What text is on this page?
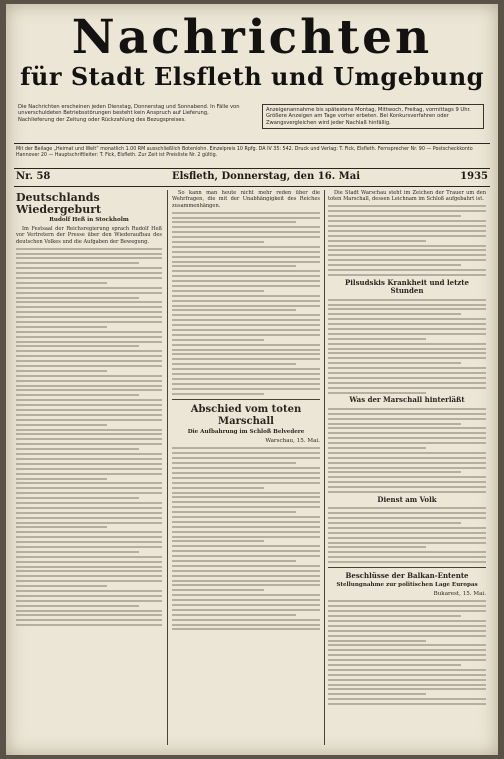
Nachrichten
für Stadt Elsfleth und Umgebung
Die Nachrichten erscheinen jeden Dienstag, Donnerstag und Sonnabend. In Fälle von unverschuldeten Betriebsstörungen besteht kein Anspruch auf Lieferung, Nachlieferung der Zeitung oder Rückzahlung des Bezugspreises.
Anzeigenannahme bis spätestens Montag, Mittwoch, Freitag, vormittags 9 Uhr. Größere Anzeigen am Tage vorher erbeten. Bei Konkursverfahren oder Zwangsvergleichen wird jeder Nachlaß hinfällig.
Mit der Beilage „Heimat und Welt“ monatlich 1.00 RM ausschließlich Botenlohn. Einzelpreis 10 Rpfg. DA IV 35: 542. Druck und Verlag: T. Fick, Elsfleth. Fernsprecher Nr. 90 — Postscheckkonto Hannover 20 — Hauptschriftleiter: T. Fick, Elsfleth. Zur Zeit ist Preisliste Nr. 2 gültig.
Nr. 58	Elsfleth, Donnerstag, den 16. Mai	1935
Deutschlands Wiedergeburt
Rudolf Heß in Stockholm
Im Festsaal der Reichsregierung sprach Rudolf Heß vor Vertretern der Presse über den Wiederaufbau des deutschen Volkes und die Aufgaben der Bewegung.
So kann man heute nicht mehr reden über die Wehrfragen, die mit der Unabhängigkeit des Reiches zusammenhängen.
Abschied vom toten Marschall
Die Aufbahrung im Schloß Belvedere
Warschau, 15. Mai.
Die Stadt Warschau steht im Zeichen der Trauer um den toten Marschall, dessen Leichnam im Schloß aufgebahrt ist.
Pilsudskis Krankheit und letzte Stunden
Was der Marschall hinterläßt
Dienst am Volk
Beschlüsse der Balkan-Entente
Stellungnahme zur politischen Lage Europas
Bukarest, 15. Mai.
